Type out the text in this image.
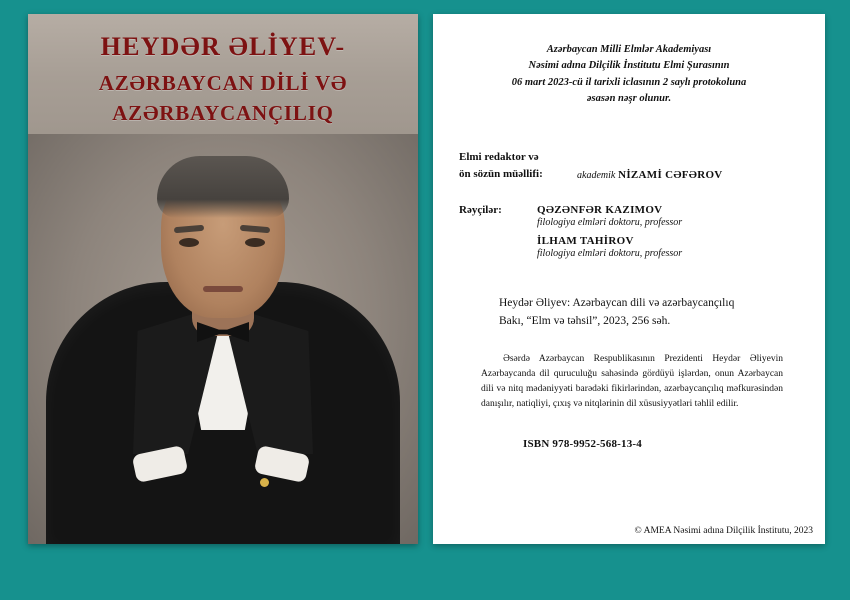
HEYDƏR ƏLİYEV-
AZƏRBAYCAN DİLİ VƏ
AZƏRBAYCANÇILIQ
Azərbaycan Milli Elmlər Akademiyası
Nəsimi adına Dilçilik İnstitutu Elmi Şurasının
06 mart 2023-cü il tarixli iclasının 2 saylı protokoluna
əsasən nəşr olunur.
Elmi redaktor və
ön sözün müəllifi:	akademik NİZAMİ CƏFƏROV
Rəyçilər:	QƏZƏNFƏR KAZIMOV
filologiya elmləri doktoru, professor
İLHAM TAHİROV
filologiya elmləri doktoru, professor
Heydər Əliyev: Azərbaycan dili və azərbaycançılıq
Bakı, “Elm və təhsil”, 2023, 256 səh.
Əsərdə Azərbaycan Respublikasının Prezidenti Heydər Əliyevin Azərbaycanda dil quruculuğu sahəsində gördüyü işlərdən, onun Azərbaycan dili və nitq mədəniyyəti barədəki fikirlərindən, azərbaycançılıq məfkurəsindən danışılır, natiqliyi, çıxış və nitqlərinin dil xüsusiyyətləri təhlil edilir.
ISBN 978-9952-568-13-4
© AMEA Nəsimi adına Dilçilik İnstitutu, 2023
